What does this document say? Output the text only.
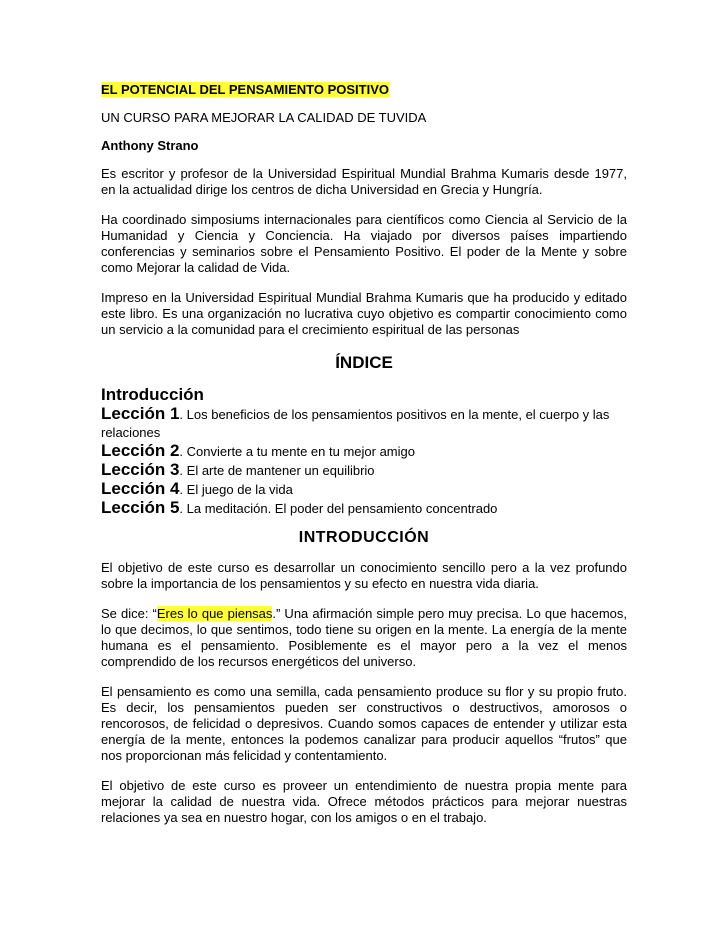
EL POTENCIAL DEL PENSAMIENTO POSITIVO
UN CURSO PARA MEJORAR LA CALIDAD DE TUVIDA
Anthony Strano

Es escritor y profesor de la Universidad Espiritual Mundial Brahma Kumaris desde 1977, en la actualidad dirige los centros de dicha Universidad en Grecia y Hungría.

Ha coordinado simposiums internacionales para científicos como Ciencia al Servicio de la Humanidad y Ciencia y Conciencia. Ha viajado por diversos países impartiendo conferencias y seminarios sobre el Pensamiento Positivo. El poder de la Mente y sobre como Mejorar la calidad de Vida.

Impreso en la Universidad Espiritual Mundial Brahma Kumaris que ha producido y editado este libro. Es una organización no lucrativa cuyo objetivo es compartir conocimiento como un servicio a la comunidad para el crecimiento espiritual de las personas

ÍNDICE
Introducción
Lección 1. Los beneficios de los pensamientos positivos en la mente, el cuerpo y las relaciones
Lección 2. Convierte a tu mente en tu mejor amigo
Lección 3. El arte de mantener un equilibrio
Lección 4. El juego de la vida
Lección 5. La meditación. El poder del pensamiento concentrado
INTRODUCCIÓN

El objetivo de este curso es desarrollar un conocimiento sencillo pero a la vez profundo sobre la importancia de los pensamientos y su efecto en nuestra vida diaria.

Se dice: “Eres lo que piensas.” Una afirmación simple pero muy precisa. Lo que hacemos, lo que decimos, lo que sentimos, todo tiene su origen en la mente. La energía de la mente humana es el pensamiento. Posiblemente es el mayor pero a la vez el menos comprendido de los recursos energéticos del universo.

El pensamiento es como una semilla, cada pensamiento produce su flor y su propio fruto. Es decir, los pensamientos pueden ser constructivos o destructivos, amorosos o rencorosos, de felicidad o depresivos. Cuando somos capaces de entender y utilizar esta energía de la mente, entonces la podemos canalizar para producir aquellos “frutos” que nos proporcionan más felicidad y contentamiento.

El objetivo de este curso es proveer un entendimiento de nuestra propia mente para mejorar la calidad de nuestra vida. Ofrece métodos prácticos para mejorar nuestras relaciones ya sea en nuestro hogar, con los amigos o en el trabajo.
